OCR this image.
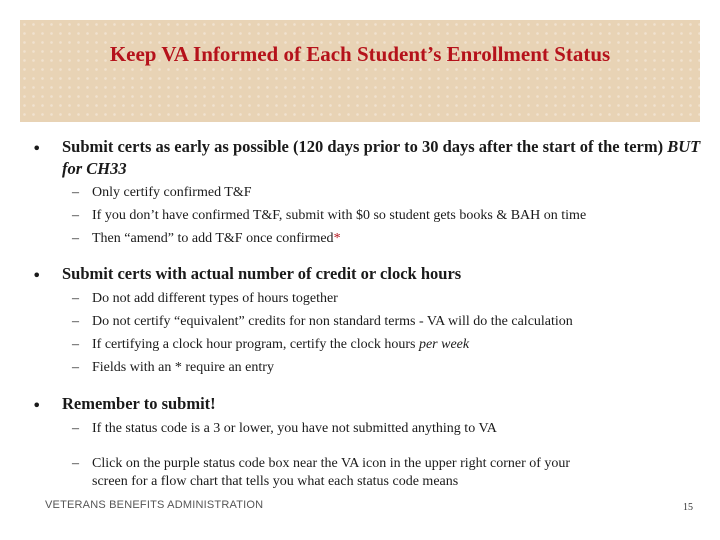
Keep VA Informed of Each Student’s Enrollment Status
• Submit certs as early as possible (120 days prior to 30 days after the start of the term) BUT for CH33
– Only certify confirmed T&F
– If you don’t have confirmed T&F, submit with $0 so student gets books & BAH on time
– Then “amend” to add T&F once confirmed*
• Submit certs with actual number of credit or clock hours
– Do not add different types of hours together
– Do not certify “equivalent” credits for non standard terms - VA will do the calculation
– If certifying a clock hour program, certify the clock hours per week
– Fields with an * require an entry
• Remember to submit!
– If the status code is a 3 or lower, you have not submitted anything to VA
– Click on the purple status code box near the VA icon in the upper right corner of your
screen for a flow chart that tells you what each status code means
VETERANS BENEFITS ADMINISTRATION	15
